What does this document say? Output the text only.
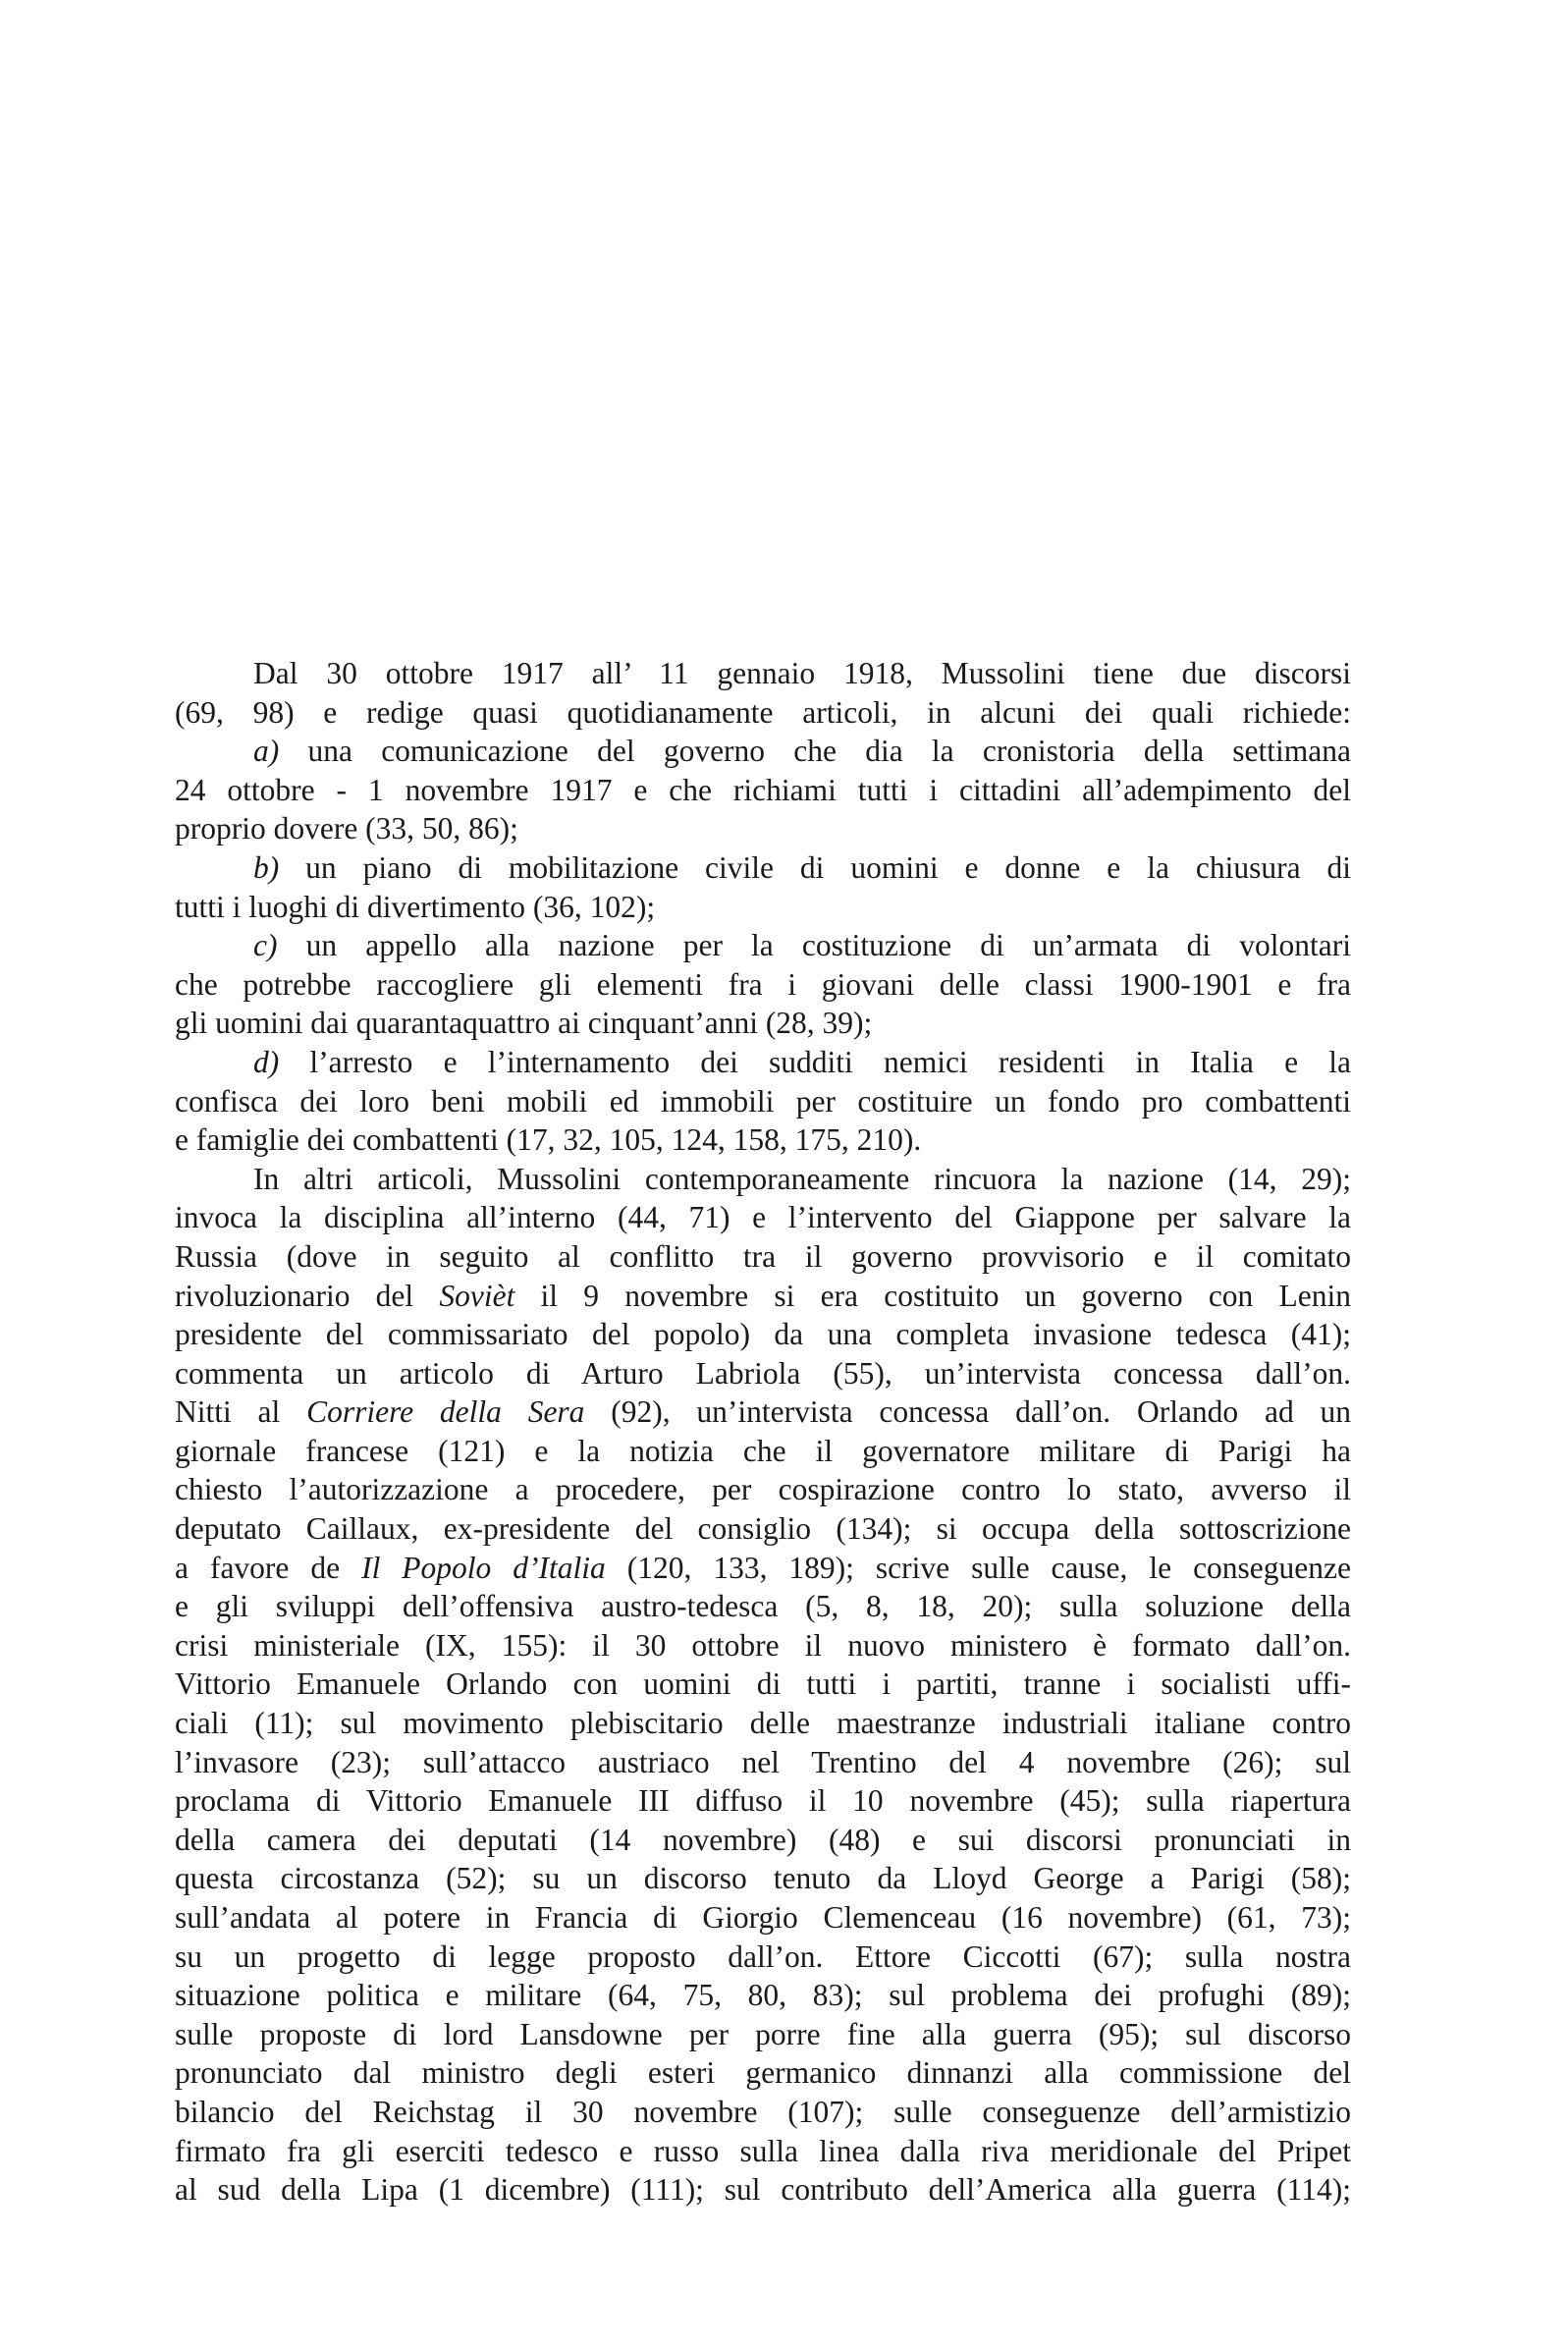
Dal 30 ottobre 1917 all’ 11 gennaio 1918, Mussolini tiene due discorsi
(69, 98) e redige quasi quotidianamente articoli, in alcuni dei quali richiede:
a) una comunicazione del governo che dia la cronistoria della settimana
24 ottobre - 1 novembre 1917 e che richiami tutti i cittadini all’adempimento del
proprio dovere (33, 50, 86);
b) un piano di mobilitazione civile di uomini e donne e la chiusura di
tutti i luoghi di divertimento (36, 102);
c) un appello alla nazione per la costituzione di un’armata di volontari
che potrebbe raccogliere gli elementi fra i giovani delle classi 1900-1901 e fra
gli uomini dai quarantaquattro ai cinquant’anni (28, 39);
d) l’arresto e l’internamento dei sudditi nemici residenti in Italia e la
confisca dei loro beni mobili ed immobili per costituire un fondo pro combattenti
e famiglie dei combattenti (17, 32, 105, 124, 158, 175, 210).
In altri articoli, Mussolini contemporaneamente rincuora la nazione (14, 29);
invoca la disciplina all’interno (44, 71) e l’intervento del Giappone per salvare la
Russia (dove in seguito al conflitto tra il governo provvisorio e il comitato
rivoluzionario del Sovièt il 9 novembre si era costituito un governo con Lenin
presidente del commissariato del popolo) da una completa invasione tedesca (41);
commenta un articolo di Arturo Labriola (55), un’intervista concessa dall’on.
Nitti al Corriere della Sera (92), un’intervista concessa dall’on. Orlando ad un
giornale francese (121) e la notizia che il governatore militare di Parigi ha
chiesto l’autorizzazione a procedere, per cospirazione contro lo stato, avverso il
deputato Caillaux, ex-presidente del consiglio (134); si occupa della sottoscrizione
a favore de Il Popolo d’Italia (120, 133, 189); scrive sulle cause, le conseguenze
e gli sviluppi dell’offensiva austro-tedesca (5, 8, 18, 20); sulla soluzione della
crisi ministeriale (IX, 155): il 30 ottobre il nuovo ministero è formato dall’on.
Vittorio Emanuele Orlando con uomini di tutti i partiti, tranne i socialisti uffi-
ciali (11); sul movimento plebiscitario delle maestranze industriali italiane contro
l’invasore (23); sull’attacco austriaco nel Trentino del 4 novembre (26); sul
proclama di Vittorio Emanuele III diffuso il 10 novembre (45); sulla riapertura
della camera dei deputati (14 novembre) (48) e sui discorsi pronunciati in
questa circostanza (52); su un discorso tenuto da Lloyd George a Parigi (58);
sull’andata al potere in Francia di Giorgio Clemenceau (16 novembre) (61, 73);
su un progetto di legge proposto dall’on. Ettore Ciccotti (67); sulla nostra
situazione politica e militare (64, 75, 80, 83); sul problema dei profughi (89);
sulle proposte di lord Lansdowne per porre fine alla guerra (95); sul discorso
pronunciato dal ministro degli esteri germanico dinnanzi alla commissione del
bilancio del Reichstag il 30 novembre (107); sulle conseguenze dell’armistizio
firmato fra gli eserciti tedesco e russo sulla linea dalla riva meridionale del Pripet
al sud della Lipa (1 dicembre) (111); sul contributo dell’America alla guerra (114);
